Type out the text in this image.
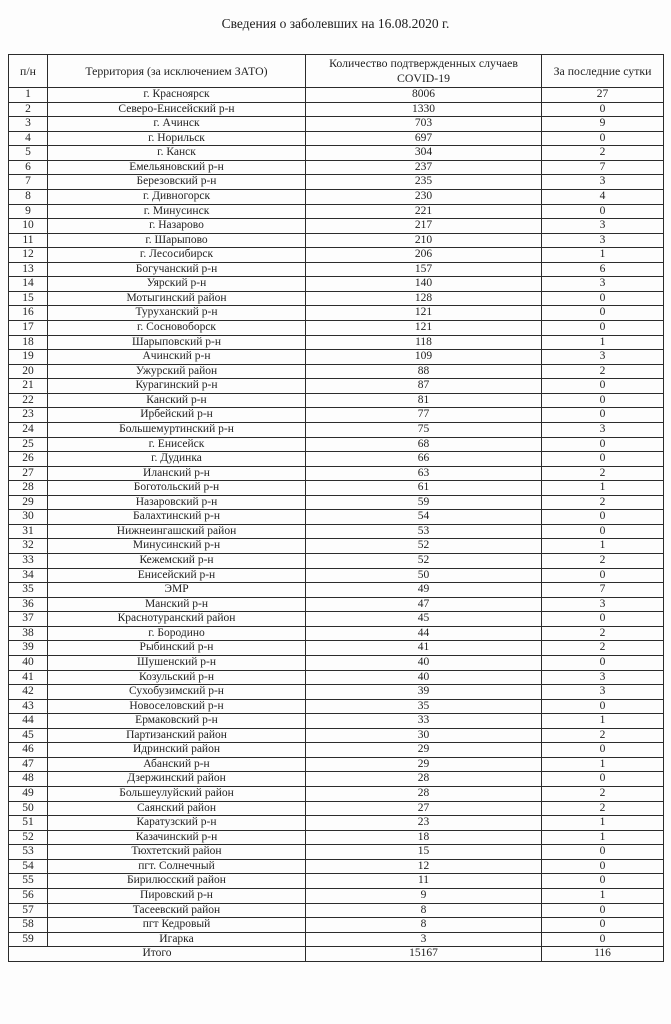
Сведения о заболевших на 16.08.2020 г.
п/н	Территория (за исключением ЗАТО)	Количество подтвержденных случаев COVID-19	За последние сутки
1	г. Красноярск	8006	27
2	Северо-Енисейский р-н	1330	0
3	г. Ачинск	703	9
4	г. Норильск	697	0
5	г. Канск	304	2
6	Емельяновский р-н	237	7
7	Березовский р-н	235	3
8	г. Дивногорск	230	4
9	г. Минусинск	221	0
10	г. Назарово	217	3
11	г. Шарыпово	210	3
12	г. Лесосибирск	206	1
13	Богучанский р-н	157	6
14	Уярский р-н	140	3
15	Мотыгинский район	128	0
16	Туруханский р-н	121	0
17	г. Сосновоборск	121	0
18	Шарыповский р-н	118	1
19	Ачинский р-н	109	3
20	Ужурский район	88	2
21	Курагинский р-н	87	0
22	Канский р-н	81	0
23	Ирбейский р-н	77	0
24	Большемуртинский р-н	75	3
25	г. Енисейск	68	0
26	г. Дудинка	66	0
27	Иланский р-н	63	2
28	Боготольский р-н	61	1
29	Назаровский р-н	59	2
30	Балахтинский р-н	54	0
31	Нижнеингашский район	53	0
32	Минусинский р-н	52	1
33	Кежемский р-н	52	2
34	Енисейский р-н	50	0
35	ЭМР	49	7
36	Манский р-н	47	3
37	Краснотуранский район	45	0
38	г. Бородино	44	2
39	Рыбинский р-н	41	2
40	Шушенский р-н	40	0
41	Козульский р-н	40	3
42	Сухобузимский р-н	39	3
43	Новоселовский р-н	35	0
44	Ермаковский р-н	33	1
45	Партизанский район	30	2
46	Идринский район	29	0
47	Абанский р-н	29	1
48	Дзержинский район	28	0
49	Большеулуйский район	28	2
50	Саянский район	27	2
51	Каратузский р-н	23	1
52	Казачинский р-н	18	1
53	Тюхтетский район	15	0
54	пгт. Солнечный	12	0
55	Бирилюсский район	11	0
56	Пировский р-н	9	1
57	Тасеевский район	8	0
58	пгт Кедровый	8	0
59	Игарка	3	0
Итого		15167	116
